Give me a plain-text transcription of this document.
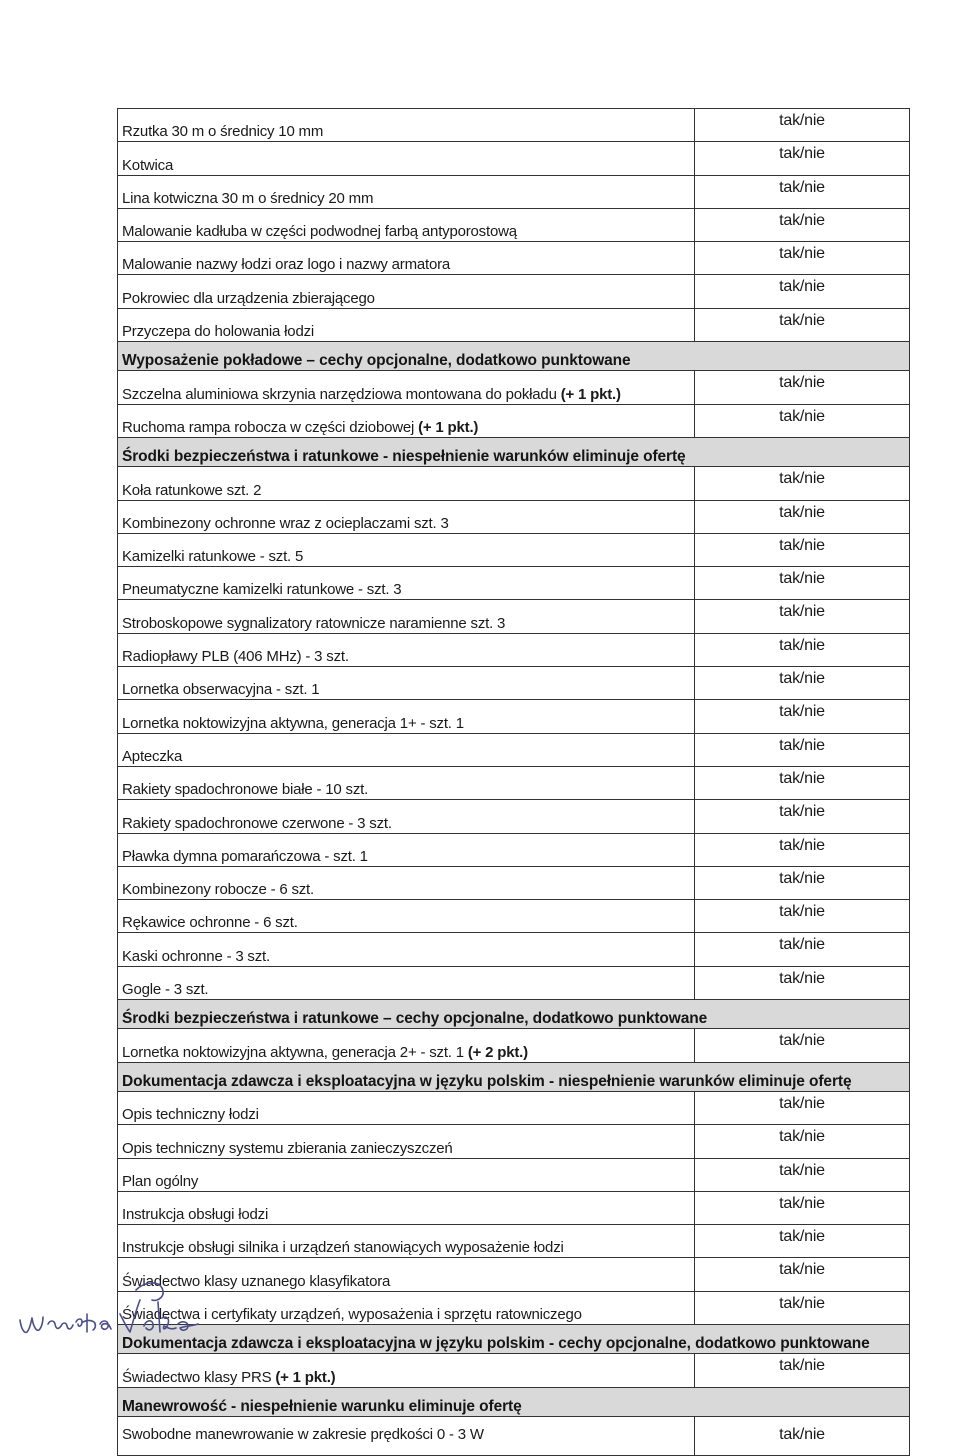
Rzutka 30 m o średnicy 10 mm	tak/nie
Kotwica	tak/nie
Lina kotwiczna 30 m o średnicy 20 mm	tak/nie
Malowanie kadłuba w części podwodnej farbą antyporostową	tak/nie
Malowanie nazwy łodzi oraz logo i nazwy armatora	tak/nie
Pokrowiec dla urządzenia zbierającego	tak/nie
Przyczepa do holowania łodzi	tak/nie
Wyposażenie pokładowe – cechy opcjonalne, dodatkowo punktowane	
Szczelna aluminiowa skrzynia narzędziowa montowana do pokładu (+ 1 pkt.)	tak/nie
Ruchoma rampa robocza w części dziobowej (+ 1 pkt.)	tak/nie
Środki bezpieczeństwa i ratunkowe - niespełnienie warunków eliminuje ofertę	
Koła ratunkowe szt. 2	tak/nie
Kombinezony ochronne wraz z ocieplaczami szt. 3	tak/nie
Kamizelki ratunkowe - szt. 5	tak/nie
Pneumatyczne kamizelki ratunkowe - szt. 3	tak/nie
Stroboskopowe sygnalizatory ratownicze naramienne szt. 3	tak/nie
Radiopławy PLB (406 MHz) - 3 szt.	tak/nie
Lornetka obserwacyjna - szt. 1	tak/nie
Lornetka noktowizyjna aktywna, generacja 1+ - szt. 1	tak/nie
Apteczka	tak/nie
Rakiety spadochronowe białe - 10 szt.	tak/nie
Rakiety spadochronowe czerwone - 3 szt.	tak/nie
Pławka dymna pomarańczowa - szt. 1	tak/nie
Kombinezony robocze - 6 szt.	tak/nie
Rękawice ochronne - 6 szt.	tak/nie
Kaski ochronne - 3 szt.	tak/nie
Gogle - 3 szt.	tak/nie
Środki bezpieczeństwa i ratunkowe – cechy opcjonalne, dodatkowo punktowane	
Lornetka noktowizyjna aktywna, generacja 2+ - szt. 1 (+ 2 pkt.)	tak/nie
Dokumentacja zdawcza i eksploatacyjna w języku polskim - niespełnienie warunków eliminuje ofertę	
Opis techniczny łodzi	tak/nie
Opis techniczny systemu zbierania zanieczyszczeń	tak/nie
Plan ogólny	tak/nie
Instrukcja obsługi łodzi	tak/nie
Instrukcje obsługi silnika i urządzeń stanowiących wyposażenie łodzi	tak/nie
Świadectwo klasy uznanego klasyfikatora	tak/nie
Świadectwa i certyfikaty urządzeń, wyposażenia i sprzętu ratowniczego	tak/nie
Dokumentacja zdawcza i eksploatacyjna w języku polskim - cechy opcjonalne, dodatkowo punktowane	
Świadectwo klasy PRS (+ 1 pkt.)	tak/nie
Manewrowość - niespełnienie warunku eliminuje ofertę	
Swobodne manewrowanie w zakresie prędkości 0 - 3 W	tak/nie
